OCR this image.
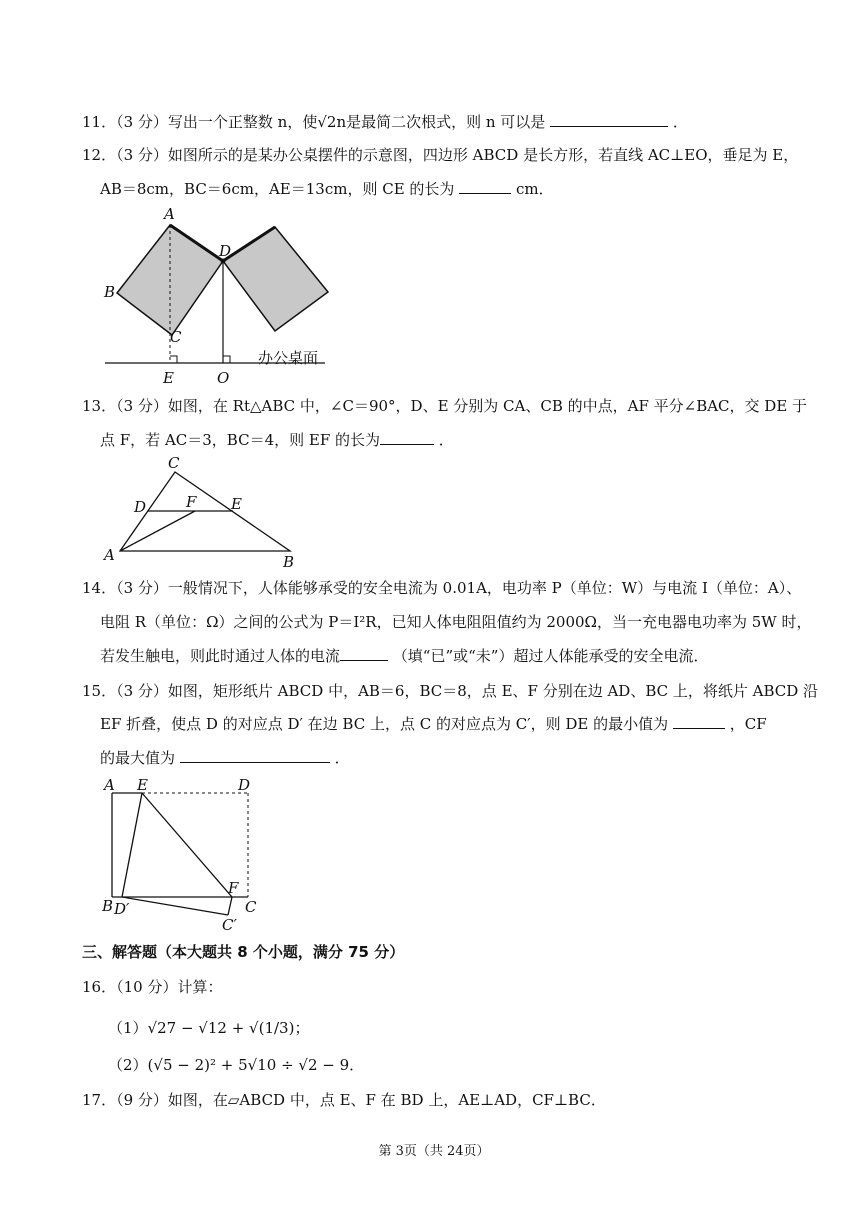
11．（3 分）写出一个正整数 n，使√2n是最简二次根式，则 n 可以是	．
12．（3 分）如图所示的是某办公桌摆件的示意图，四边形 ABCD 是长方形，若直线 AC⊥EO，垂足为 E，
AB＝8cm，BC＝6cm，AE＝13cm，则 CE 的长为	cm．
A
B
C
D
E	O
办公桌面
13．（3 分）如图，在 Rt△ABC 中，∠C＝90°，D、E 分别为 CA、CB 的中点，AF 平分∠BAC，交 DE 于
点 F，若 AC＝3，BC＝4，则 EF 的长为	．
C
D	F E
A	B
14．（3 分）一般情况下，人体能够承受的安全电流为 0.01A，电功率 P（单位：W）与电流 I（单位：A）、
电阻 R（单位：Ω）之间的公式为 P＝I²R，已知人体电阻阻值约为 2000Ω，当一充电器电功率为 5W 时，
若发生触电，则此时通过人体的电流	（填“已”或“未”）超过人体能承受的安全电流．
15．（3 分）如图，矩形纸片 ABCD 中，AB＝6，BC＝8，点 E、F 分别在边 AD、BC 上，将纸片 ABCD 沿
EF 折叠，使点 D 的对应点 D′ 在边 BC 上，点 C 的对应点为 C′，则 DE 的最小值为	，CF
的最大值为	．
A E	D
F
B D′	C
C′
三、解答题（本大题共 8 个小题，满分 75 分）
16．（10 分）计算：
（1）√27 − √12 + √(1/3)；
（2）(√5 − 2)² + 5√10 ÷ √2 − 9．
17．（9 分）如图，在▱ABCD 中，点 E、F 在 BD 上，AE⊥AD，CF⊥BC．
第 3页（共 24页）
